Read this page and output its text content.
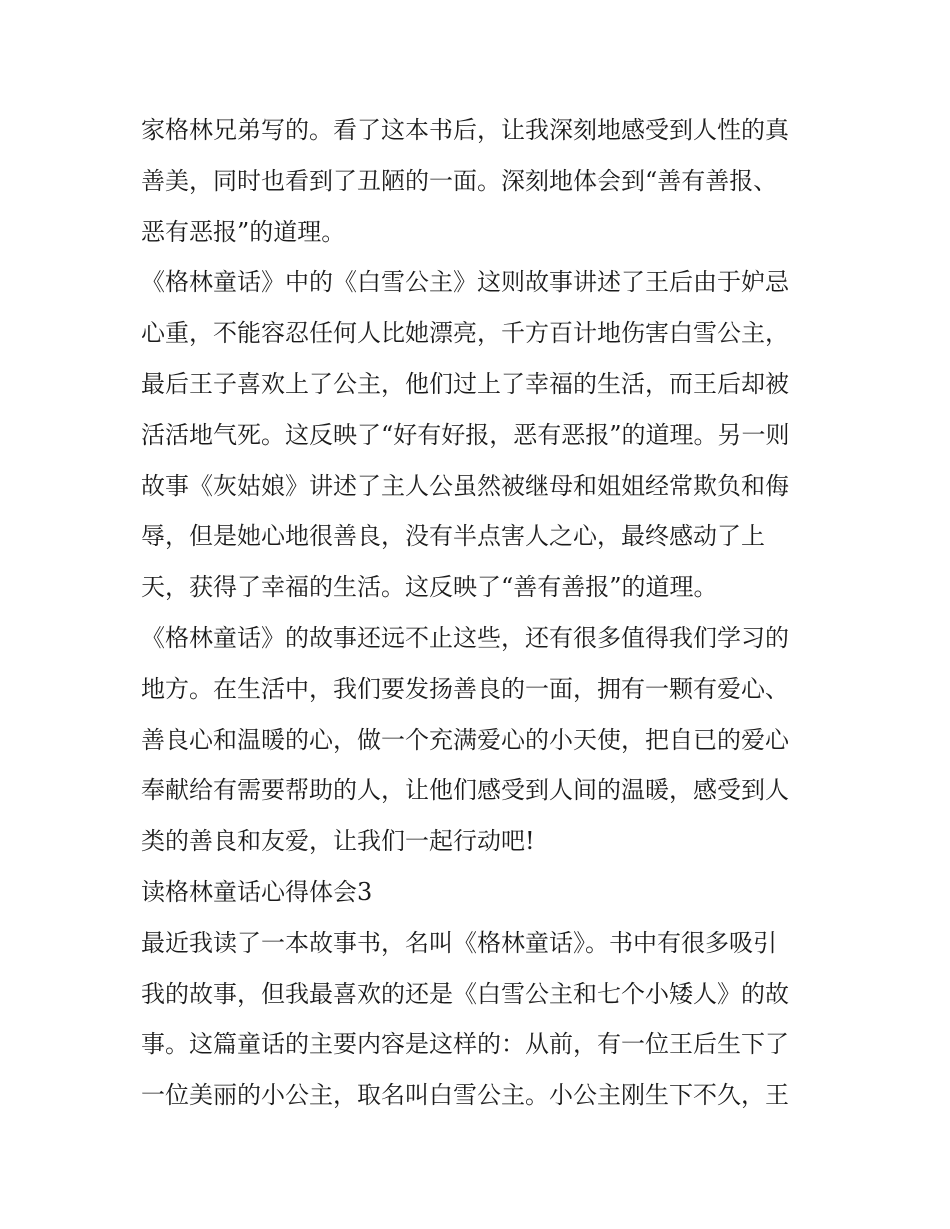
家格林兄弟写的。看了这本书后，让我深刻地感受到人性的真
善美，同时也看到了丑陋的一面。深刻地体会到“善有善报、
恶有恶报”的道理。
《格林童话》中的《白雪公主》这则故事讲述了王后由于妒忌
心重，不能容忍任何人比她漂亮，千方百计地伤害白雪公主，
最后王子喜欢上了公主，他们过上了幸福的生活，而王后却被
活活地气死。这反映了“好有好报，恶有恶报”的道理。另一则
故事《灰姑娘》讲述了主人公虽然被继母和姐姐经常欺负和侮
辱，但是她心地很善良，没有半点害人之心，最终感动了上
天，获得了幸福的生活。这反映了“善有善报”的道理。
《格林童话》的故事还远不止这些，还有很多值得我们学习的
地方。在生活中，我们要发扬善良的一面，拥有一颗有爱心、
善良心和温暖的心，做一个充满爱心的小天使，把自已的爱心
奉献给有需要帮助的人，让他们感受到人间的温暖，感受到人
类的善良和友爱，让我们一起行动吧!
读格林童话心得体会3
最近我读了一本故事书，名叫《格林童话》。书中有很多吸引
我的故事，但我最喜欢的还是《白雪公主和七个小矮人》的故
事。这篇童话的主要内容是这样的：从前，有一位王后生下了
一位美丽的小公主，取名叫白雪公主。小公主刚生下不久，王
